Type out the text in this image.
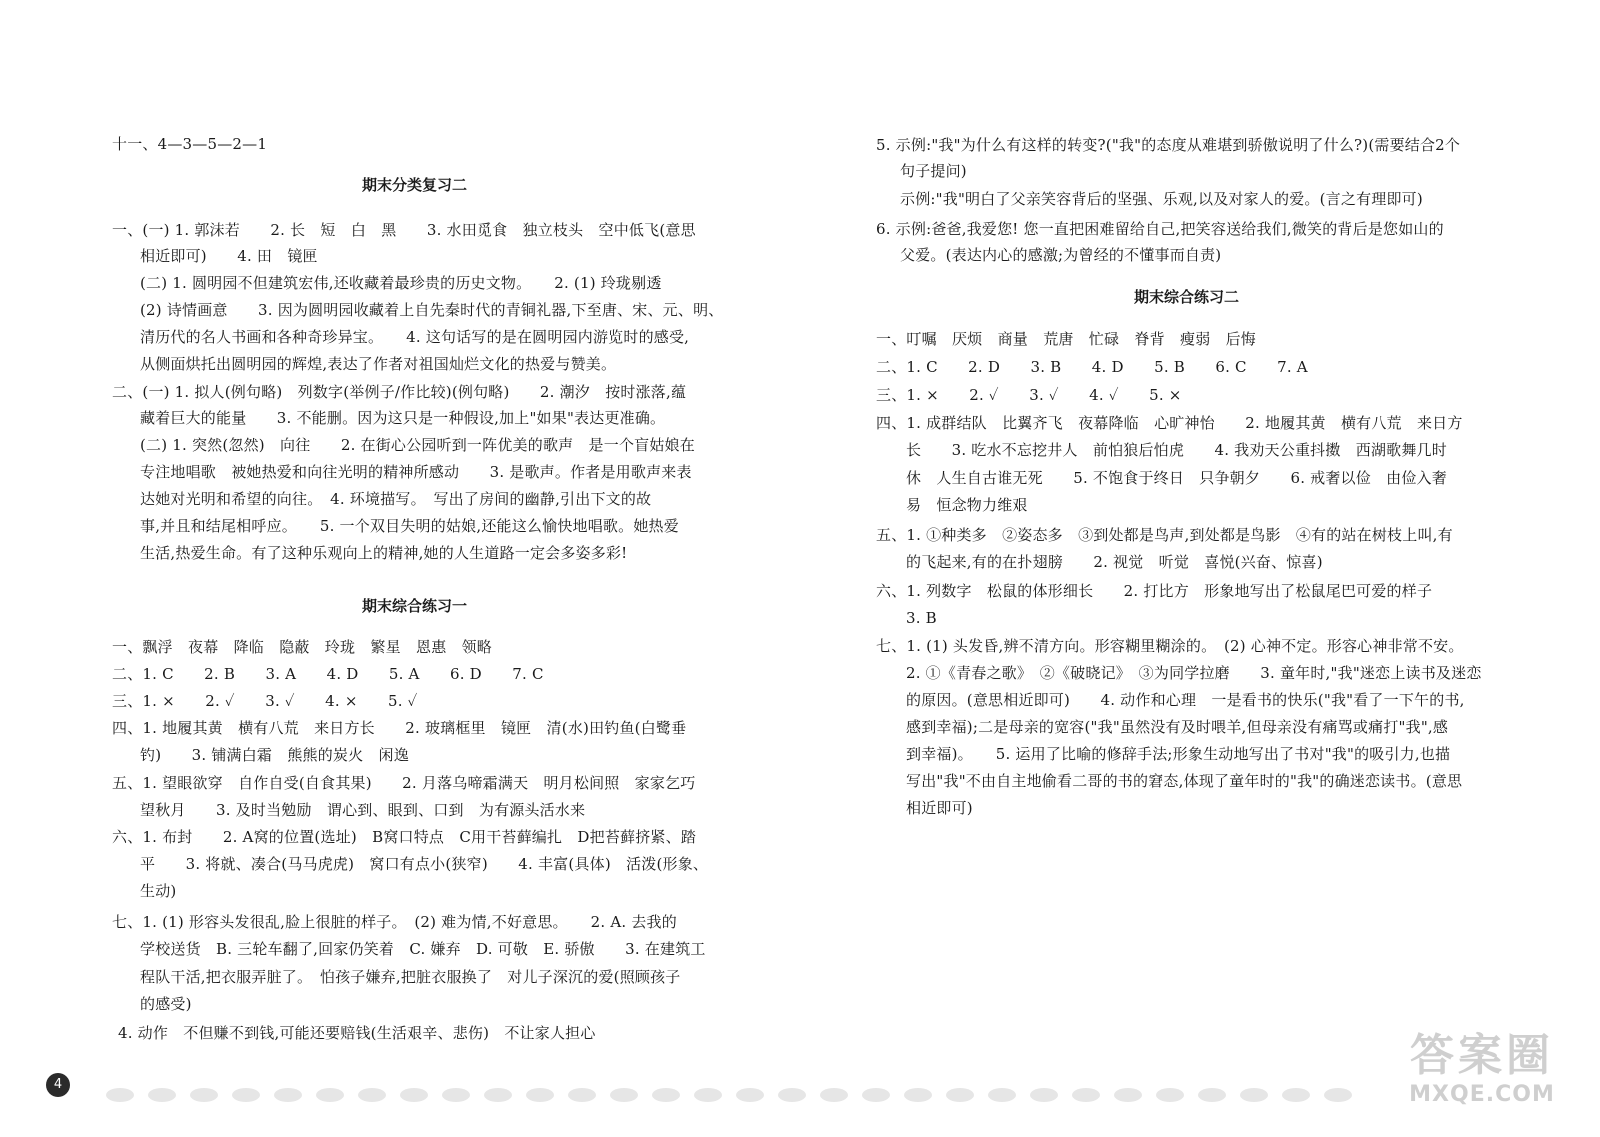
十一、4—3—5—2—1
期末分类复习二
一、(一) 1. 郭沫若　　2. 长　短　白　黑　　3. 水田觅食　独立枝头　空中低飞(意思
相近即可)　　4. 田　镜匣
(二) 1. 圆明园不但建筑宏伟,还收藏着最珍贵的历史文物。　　2. (1) 玲珑剔透
(2) 诗情画意　　3. 因为圆明园收藏着上自先秦时代的青铜礼器,下至唐、宋、元、明、
清历代的名人书画和各种奇珍异宝。　　4. 这句话写的是在圆明园内游览时的感受,
从侧面烘托出圆明园的辉煌,表达了作者对祖国灿烂文化的热爱与赞美。
二、(一) 1. 拟人(例句略)　列数字(举例子/作比较)(例句略)　　2. 潮汐　按时涨落,蕴
藏着巨大的能量　　3. 不能删。因为这只是一种假设,加上"如果"表达更准确。
(二) 1. 突然(忽然)　向往　　2. 在街心公园听到一阵优美的歌声　是一个盲姑娘在
专注地唱歌　被她热爱和向往光明的精神所感动　　3. 是歌声。作者是用歌声来表
达她对光明和希望的向往。　4. 环境描写。　写出了房间的幽静,引出下文的故
事,并且和结尾相呼应。　　5. 一个双目失明的姑娘,还能这么愉快地唱歌。她热爱
生活,热爱生命。有了这种乐观向上的精神,她的人生道路一定会多姿多彩!
期末综合练习一
一、飘浮　夜幕　降临　隐蔽　玲珑　繁星　恩惠　领略
二、1. C　　2. B　　3. A　　4. D　　5. A　　6. D　　7. C
三、1. ×　　2. ✓　　3. ✓　　4. ×　　5. ✓
四、1. 地履其黄　横有八荒　来日方长　　2. 玻璃框里　镜匣　清(水)田钓鱼(白鹭垂
钓)　　3. 铺满白霜　熊熊的炭火　闲逸
五、1. 望眼欲穿　自作自受(自食其果)　　2. 月落乌啼霜满天　明月松间照　家家乞巧
望秋月　　3. 及时当勉励　谓心到、眼到、口到　为有源头活水来
六、1. 布封　　2. A窝的位置(选址)　B窝口特点　C用干苔藓编扎　D把苔藓挤紧、踏
平　　3. 将就、凑合(马马虎虎)　窝口有点小(狭窄)　　4. 丰富(具体)　活泼(形象、
生动)
七、1. (1) 形容头发很乱,脸上很脏的样子。　(2) 难为情,不好意思。　　2. A. 去我的
学校送货　B. 三轮车翻了,回家仍笑着　C. 嫌弃　D. 可敬　E. 骄傲　　3. 在建筑工
程队干活,把衣服弄脏了。　怕孩子嫌弃,把脏衣服换了　对儿子深沉的爱(照顾孩子
的感受)
4. 动作　不但赚不到钱,可能还要赔钱(生活艰辛、悲伤)　不让家人担心
5. 示例:"我"为什么有这样的转变?("我"的态度从难堪到骄傲说明了什么?)(需要结合2个
句子提问)
示例:"我"明白了父亲笑容背后的坚强、乐观,以及对家人的爱。(言之有理即可)
6. 示例:爸爸,我爱您! 您一直把困难留给自己,把笑容送给我们,微笑的背后是您如山的
父爱。(表达内心的感激;为曾经的不懂事而自责)
期末综合练习二
一、叮嘱　厌烦　商量　荒唐　忙碌　脊背　瘦弱　后悔
二、1. C　　2. D　　3. B　　4. D　　5. B　　6. C　　7. A
三、1. ×　　2. ✓　　3. ✓　　4. ✓　　5. ×
四、1. 成群结队　比翼齐飞　夜幕降临　心旷神怡　　2. 地履其黄　横有八荒　来日方
长　　3. 吃水不忘挖井人　前怕狼后怕虎　　4. 我劝天公重抖擞　西湖歌舞几时
休　人生自古谁无死　　5. 不饱食于终日　只争朝夕　　6. 戒奢以俭　由俭入奢
易　恒念物力维艰
五、1. ①种类多　②姿态多　③到处都是鸟声,到处都是鸟影　④有的站在树枝上叫,有
的飞起来,有的在扑翅膀　　2. 视觉　听觉　喜悦(兴奋、惊喜)
六、1. 列数字　松鼠的体形细长　　2. 打比方　形象地写出了松鼠尾巴可爱的样子
3. B
七、1. (1) 头发昏,辨不清方向。形容糊里糊涂的。　(2) 心神不定。形容心神非常不安。
2. ①《青春之歌》　②《破晓记》　③为同学拉磨　　3. 童年时,"我"迷恋上读书及迷恋
的原因。(意思相近即可)　　4. 动作和心理　一是看书的快乐("我"看了一下午的书,
感到幸福);二是母亲的宽容("我"虽然没有及时喂羊,但母亲没有痛骂或痛打"我",感
到幸福)。　　5. 运用了比喻的修辞手法;形象生动地写出了书对"我"的吸引力,也描
写出"我"不由自主地偷看二哥的书的窘态,体现了童年时的"我"的确迷恋读书。(意思
相近即可)
4
答案圈
MXQE.COM
